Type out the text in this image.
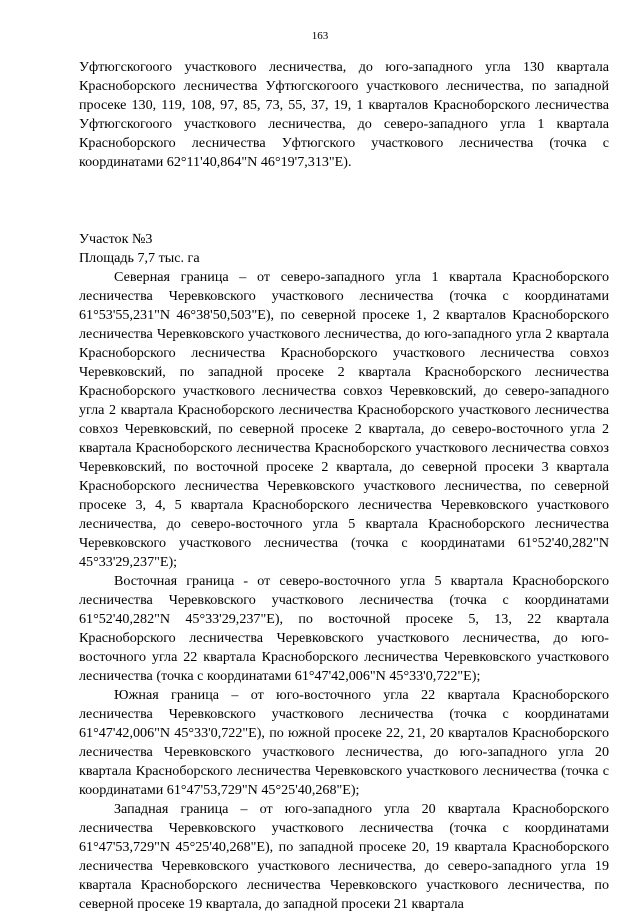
163

Уфтюгскогоого участкового лесничества, до юго-западного угла 130 квартала Красноборского лесничества Уфтюгскогоого участкового лесничества, по западной просеке 130, 119, 108, 97, 85, 73, 55, 37, 19, 1 кварталов Красноборского лесничества Уфтюгскогоого участкового лесничества, до северо-западного угла 1 квартала Красноборского лесничества Уфтюгского участкового лесничества (точка с координатами 62°11'40,864"N 46°19'7,313"E).

Участок №3

Площадь 7,7 тыс. га

Северная граница – от северо-западного угла 1 квартала Красноборского лесничества Черевковского участкового лесничества (точка с координатами 61°53'55,231"N 46°38'50,503"E), по северной просеке 1, 2 кварталов Красноборского лесничества Черевковского участкового лесничества, до юго-западного угла 2 квартала Красноборского лесничества Красноборского участкового лесничества совхоз Черевковский, по западной просеке 2 квартала Красноборского лесничества Красноборского участкового лесничества совхоз Черевковский, до северо-западного угла 2 квартала Красноборского лесничества Красноборского участкового лесничества совхоз Черевковский, по северной просеке 2 квартала, до северо-восточного угла 2 квартала Красноборского лесничества Красноборского участкового лесничества совхоз Черевковский, по восточной просеке 2 квартала, до северной просеки 3 квартала Красноборского лесничества Черевковского участкового лесничества, по северной просеке 3, 4, 5 квартала Красноборского лесничества Черевковского участкового лесничества, до северо-восточного угла 5 квартала Красноборского лесничества Черевковского участкового лесничества (точка с координатами 61°52'40,282"N 45°33'29,237"E);

Восточная граница - от северо-восточного угла 5 квартала Красноборского лесничества Черевковского участкового лесничества (точка с координатами 61°52'40,282"N 45°33'29,237"E), по восточной просеке 5, 13, 22 квартала Красноборского лесничества Черевковского участкового лесничества, до юго-восточного угла 22 квартала Красноборского лесничества Черевковского участкового лесничества (точка с координатами 61°47'42,006"N 45°33'0,722"E);

Южная граница – от юго-восточного угла 22 квартала Красноборского лесничества Черевковского участкового лесничества (точка с координатами 61°47'42,006"N 45°33'0,722"E), по южной просеке 22, 21, 20 кварталов Красноборского лесничества Черевковского участкового лесничества, до юго-западного угла 20 квартала Красноборского лесничества Черевковского участкового лесничества (точка с координатами 61°47'53,729"N 45°25'40,268"E);

Западная граница – от юго-западного угла 20 квартала Красноборского лесничества Черевковского участкового лесничества (точка с координатами 61°47'53,729"N 45°25'40,268"E), по западной просеке 20, 19 квартала Красноборского лесничества Черевковского участкового лесничества, до северо-западного угла 19 квартала Красноборского лесничества Черевковского участкового лесничества, по северной просеке 19 квартала, до западной просеки 21 квартала
